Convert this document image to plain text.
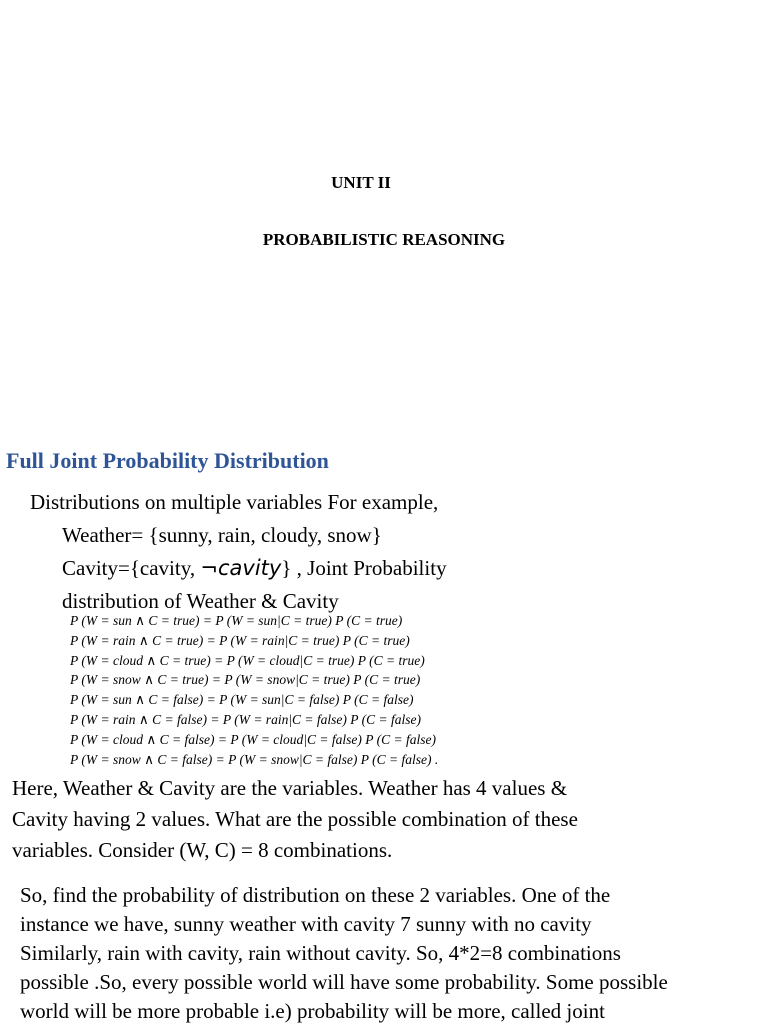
UNIT II
PROBABILISTIC REASONING
Full Joint Probability Distribution
Distributions on multiple variables For example,
Weather= {sunny, rain, cloudy, snow}
Cavity={cavity, ¬cavity} , Joint Probability
distribution of Weather & Cavity
P (W = sun ∧ C = true) = P (W = sun|C = true) P (C = true)
P (W = rain ∧ C = true) = P (W = rain|C = true) P (C = true)
P (W = cloud ∧ C = true) = P (W = cloud|C = true) P (C = true)
P (W = snow ∧ C = true) = P (W = snow|C = true) P (C = true)
P (W = sun ∧ C = false) = P (W = sun|C = false) P (C = false)
P (W = rain ∧ C = false) = P (W = rain|C = false) P (C = false)
P (W = cloud ∧ C = false) = P (W = cloud|C = false) P (C = false)
P (W = snow ∧ C = false) = P (W = snow|C = false) P (C = false) .
Here, Weather & Cavity are the variables. Weather has 4 values &
Cavity having 2 values. What are the possible combination of these
variables. Consider (W, C) = 8 combinations.
So, find the probability of distribution on these 2 variables. One of the
instance we have, sunny weather with cavity 7 sunny with no cavity
Similarly, rain with cavity, rain without cavity. So, 4*2=8 combinations
possible .So, every possible world will have some probability. Some possible
world will be more probable i.e) probability will be more, called joint
